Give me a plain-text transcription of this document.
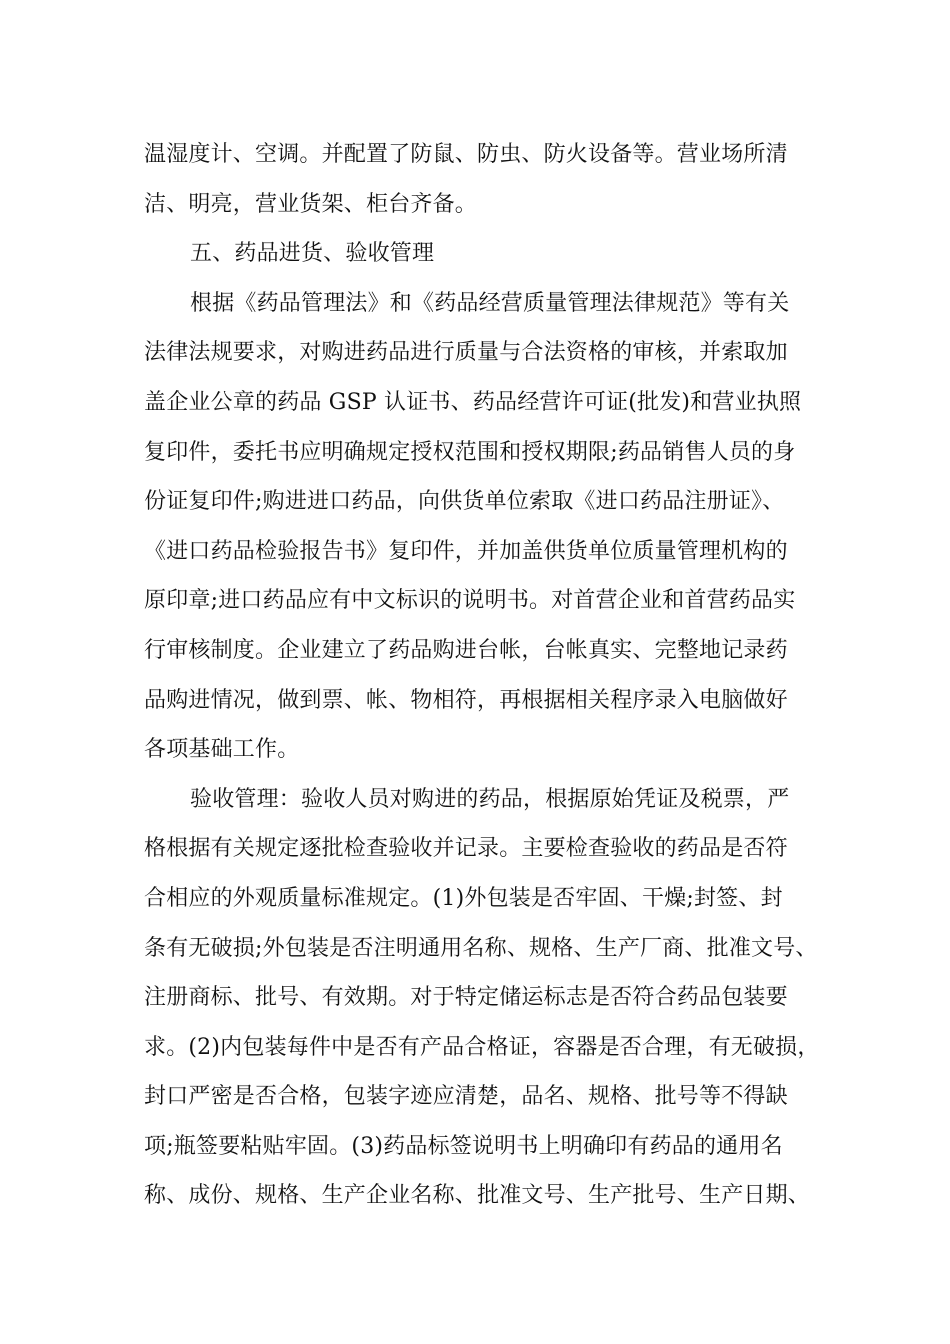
温湿度计、空调。并配置了防鼠、防虫、防火设备等。营业场所清
洁、明亮，营业货架、柜台齐备。
五、药品进货、验收管理
根据《药品管理法》和《药品经营质量管理法律规范》等有关
法律法规要求，对购进药品进行质量与合法资格的审核，并索取加
盖企业公章的药品 GSP 认证书、药品经营许可证(批发)和营业执照
复印件，委托书应明确规定授权范围和授权期限;药品销售人员的身
份证复印件;购进进口药品，向供货单位索取《进口药品注册证》、
《进口药品检验报告书》复印件，并加盖供货单位质量管理机构的
原印章;进口药品应有中文标识的说明书。对首营企业和首营药品实
行审核制度。企业建立了药品购进台帐，台帐真实、完整地记录药
品购进情况，做到票、帐、物相符，再根据相关程序录入电脑做好
各项基础工作。
验收管理：验收人员对购进的药品，根据原始凭证及税票，严
格根据有关规定逐批检查验收并记录。主要检查验收的药品是否符
合相应的外观质量标准规定。(1)外包装是否牢固、干燥;封签、封
条有无破损;外包装是否注明通用名称、规格、生产厂商、批准文号、
注册商标、批号、有效期。对于特定储运标志是否符合药品包装要
求。(2)内包装每件中是否有产品合格证，容器是否合理，有无破损，
封口严密是否合格，包装字迹应清楚，品名、规格、批号等不得缺
项;瓶签要粘贴牢固。(3)药品标签说明书上明确印有药品的通用名
称、成份、规格、生产企业名称、批准文号、生产批号、生产日期、
